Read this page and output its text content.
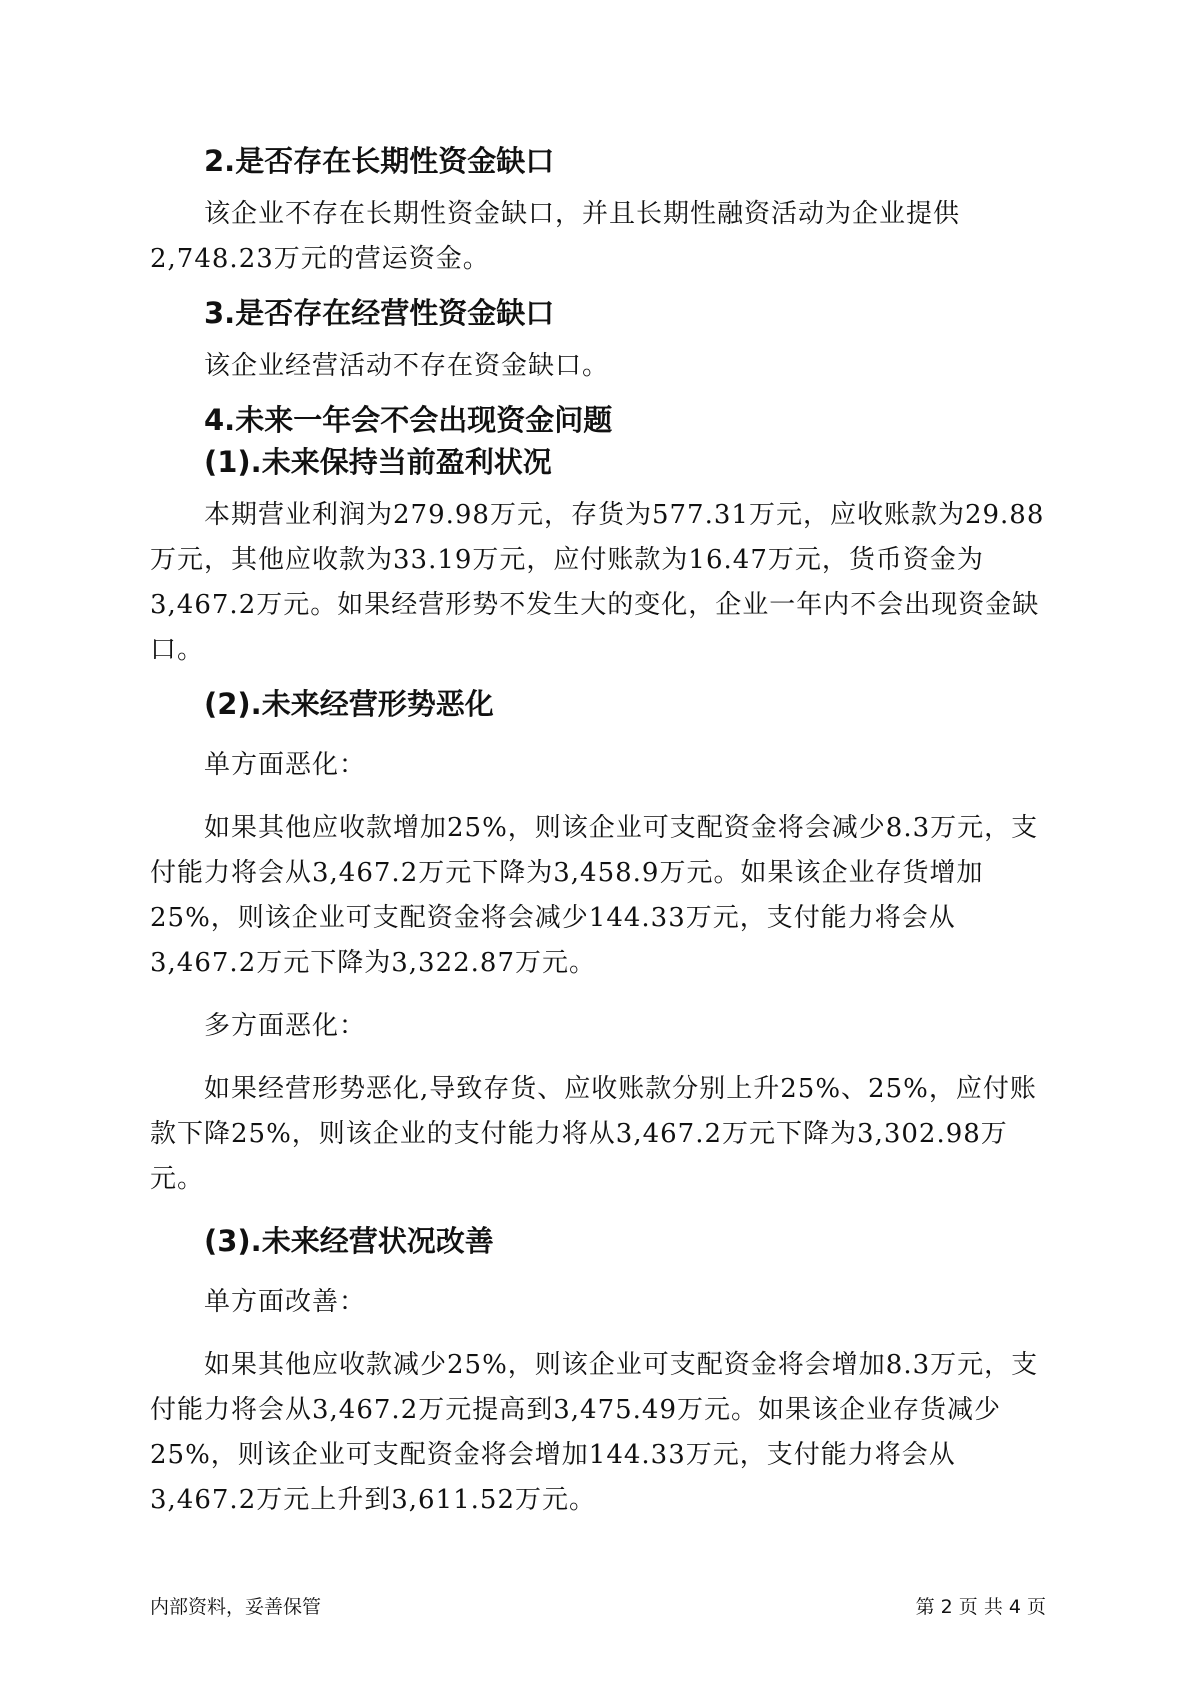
2.是否存在长期性资金缺口

该企业不存在长期性资金缺口，并且长期性融资活动为企业提供2,748.23万元的营运资金。

3.是否存在经营性资金缺口

该企业经营活动不存在资金缺口。

4.未来一年会不会出现资金问题
(1).未来保持当前盈利状况

本期营业利润为279.98万元，存货为577.31万元，应收账款为29.88万元，其他应收款为33.19万元，应付账款为16.47万元，货币资金为3,467.2万元。如果经营形势不发生大的变化，企业一年内不会出现资金缺口。

(2).未来经营形势恶化

单方面恶化：

如果其他应收款增加25%，则该企业可支配资金将会减少8.3万元，支付能力将会从3,467.2万元下降为3,458.9万元。如果该企业存货增加25%，则该企业可支配资金将会减少144.33万元，支付能力将会从3,467.2万元下降为3,322.87万元。

多方面恶化：

如果经营形势恶化,导致存货、应收账款分别上升25%、25%，应付账款下降25%，则该企业的支付能力将从3,467.2万元下降为3,302.98万元。

(3).未来经营状况改善

单方面改善：

如果其他应收款减少25%，则该企业可支配资金将会增加8.3万元，支付能力将会从3,467.2万元提高到3,475.49万元。如果该企业存货减少25%，则该企业可支配资金将会增加144.33万元，支付能力将会从3,467.2万元上升到3,611.52万元。

内部资料，妥善保管	第 2 页 共 4 页
